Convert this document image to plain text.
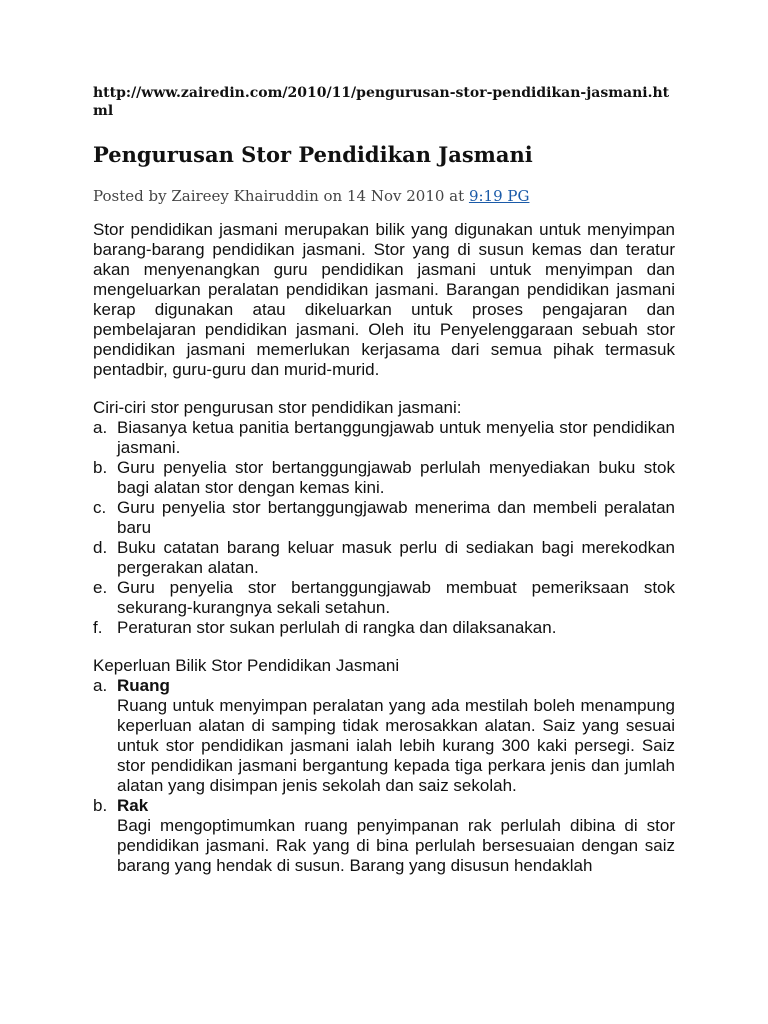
http://www.zairedin.com/2010/11/pengurusan-stor-pendidikan-jasmani.html

Pengurusan Stor Pendidikan Jasmani

Posted by Zaireey Khairuddin on 14 Nov 2010 at 9:19 PG

Stor pendidikan jasmani merupakan bilik yang digunakan untuk menyimpan barang-barang pendidikan jasmani. Stor yang di susun kemas dan teratur akan menyenangkan guru pendidikan jasmani untuk menyimpan dan mengeluarkan peralatan pendidikan jasmani. Barangan pendidikan jasmani kerap digunakan atau dikeluarkan untuk proses pengajaran dan pembelajaran pendidikan jasmani. Oleh itu Penyelenggaraan sebuah stor pendidikan jasmani memerlukan kerjasama dari semua pihak termasuk pentadbir, guru-guru dan murid-murid.

Ciri-ciri stor pengurusan stor pendidikan jasmani:

a. Biasanya ketua panitia bertanggungjawab untuk menyelia stor pendidikan jasmani.
b. Guru penyelia stor bertanggungjawab perlulah menyediakan buku stok bagi alatan stor dengan kemas kini.
c. Guru penyelia stor bertanggungjawab menerima dan membeli peralatan baru
d. Buku catatan barang keluar masuk perlu di sediakan bagi merekodkan pergerakan alatan.
e. Guru penyelia stor bertanggungjawab membuat pemeriksaan stok sekurang-kurangnya sekali setahun.
f. Peraturan stor sukan perlulah di rangka dan dilaksanakan.

Keperluan Bilik Stor Pendidikan Jasmani

a. Ruang
Ruang untuk menyimpan peralatan yang ada mestilah boleh menampung keperluan alatan di samping tidak merosakkan alatan. Saiz yang sesuai untuk stor pendidikan jasmani ialah lebih kurang 300 kaki persegi. Saiz stor pendidikan jasmani bergantung kepada tiga perkara jenis dan jumlah alatan yang disimpan jenis sekolah dan saiz sekolah.
b. Rak
Bagi mengoptimumkan ruang penyimpanan rak perlulah dibina di stor pendidikan jasmani. Rak yang di bina perlulah bersesuaian dengan saiz barang yang hendak di susun. Barang yang disusun hendaklah
